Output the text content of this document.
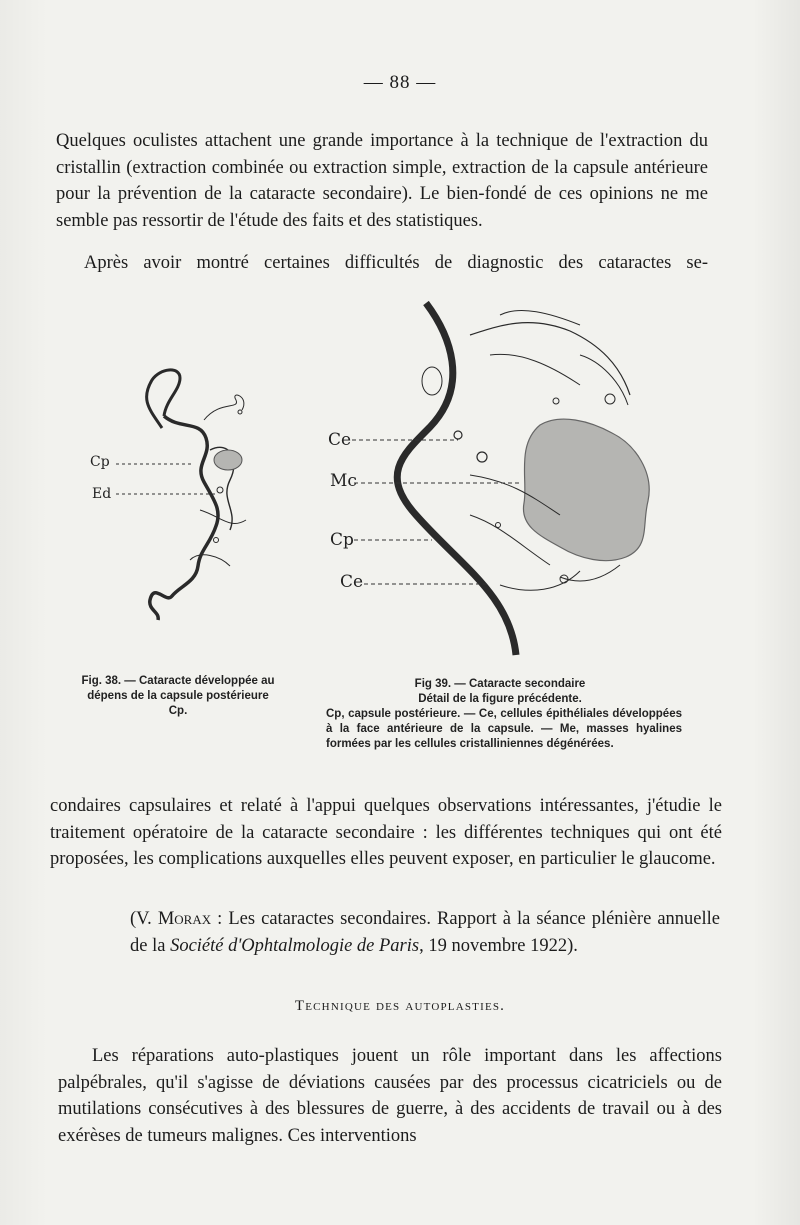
— 88 —

Quelques oculistes attachent une grande importance à la technique de l'extraction du cristallin (extraction combinée ou extraction simple, extraction de la capsule antérieure pour la prévention de la cataracte secondaire). Le bien-fondé de ces opinions ne me semble pas ressortir de l'étude des faits et des statistiques.

Après avoir montré certaines difficultés de diagnostic des cataractes se-

Cp
Ed
Ce
Mc
Cp
Ce
Fig. 38. — Cataracte développée au dépens de la capsule postérieure Cp.
Fig 39. — Cataracte secondaire
Détail de la figure précédente.
Cp, capsule postérieure. — Ce, cellules épithéliales développées à la face antérieure de la capsule. — Me, masses hyalines formées par les cellules cristalliniennes dégénérées.

condaires capsulaires et relaté à l'appui quelques observations intéressantes, j'étudie le traitement opératoire de la cataracte secondaire : les différentes techniques qui ont été proposées, les complications auxquelles elles peuvent exposer, en particulier le glaucome.

(V. Morax : Les cataractes secondaires. Rapport à la séance plénière annuelle de la Société d'Ophtalmologie de Paris, 19 novembre 1922).

Technique des autoplasties.

Les réparations auto-plastiques jouent un rôle important dans les affections palpébrales, qu'il s'agisse de déviations causées par des processus cicatriciels ou de mutilations consécutives à des blessures de guerre, à des accidents de travail ou à des exérèses de tumeurs malignes. Ces interventions
